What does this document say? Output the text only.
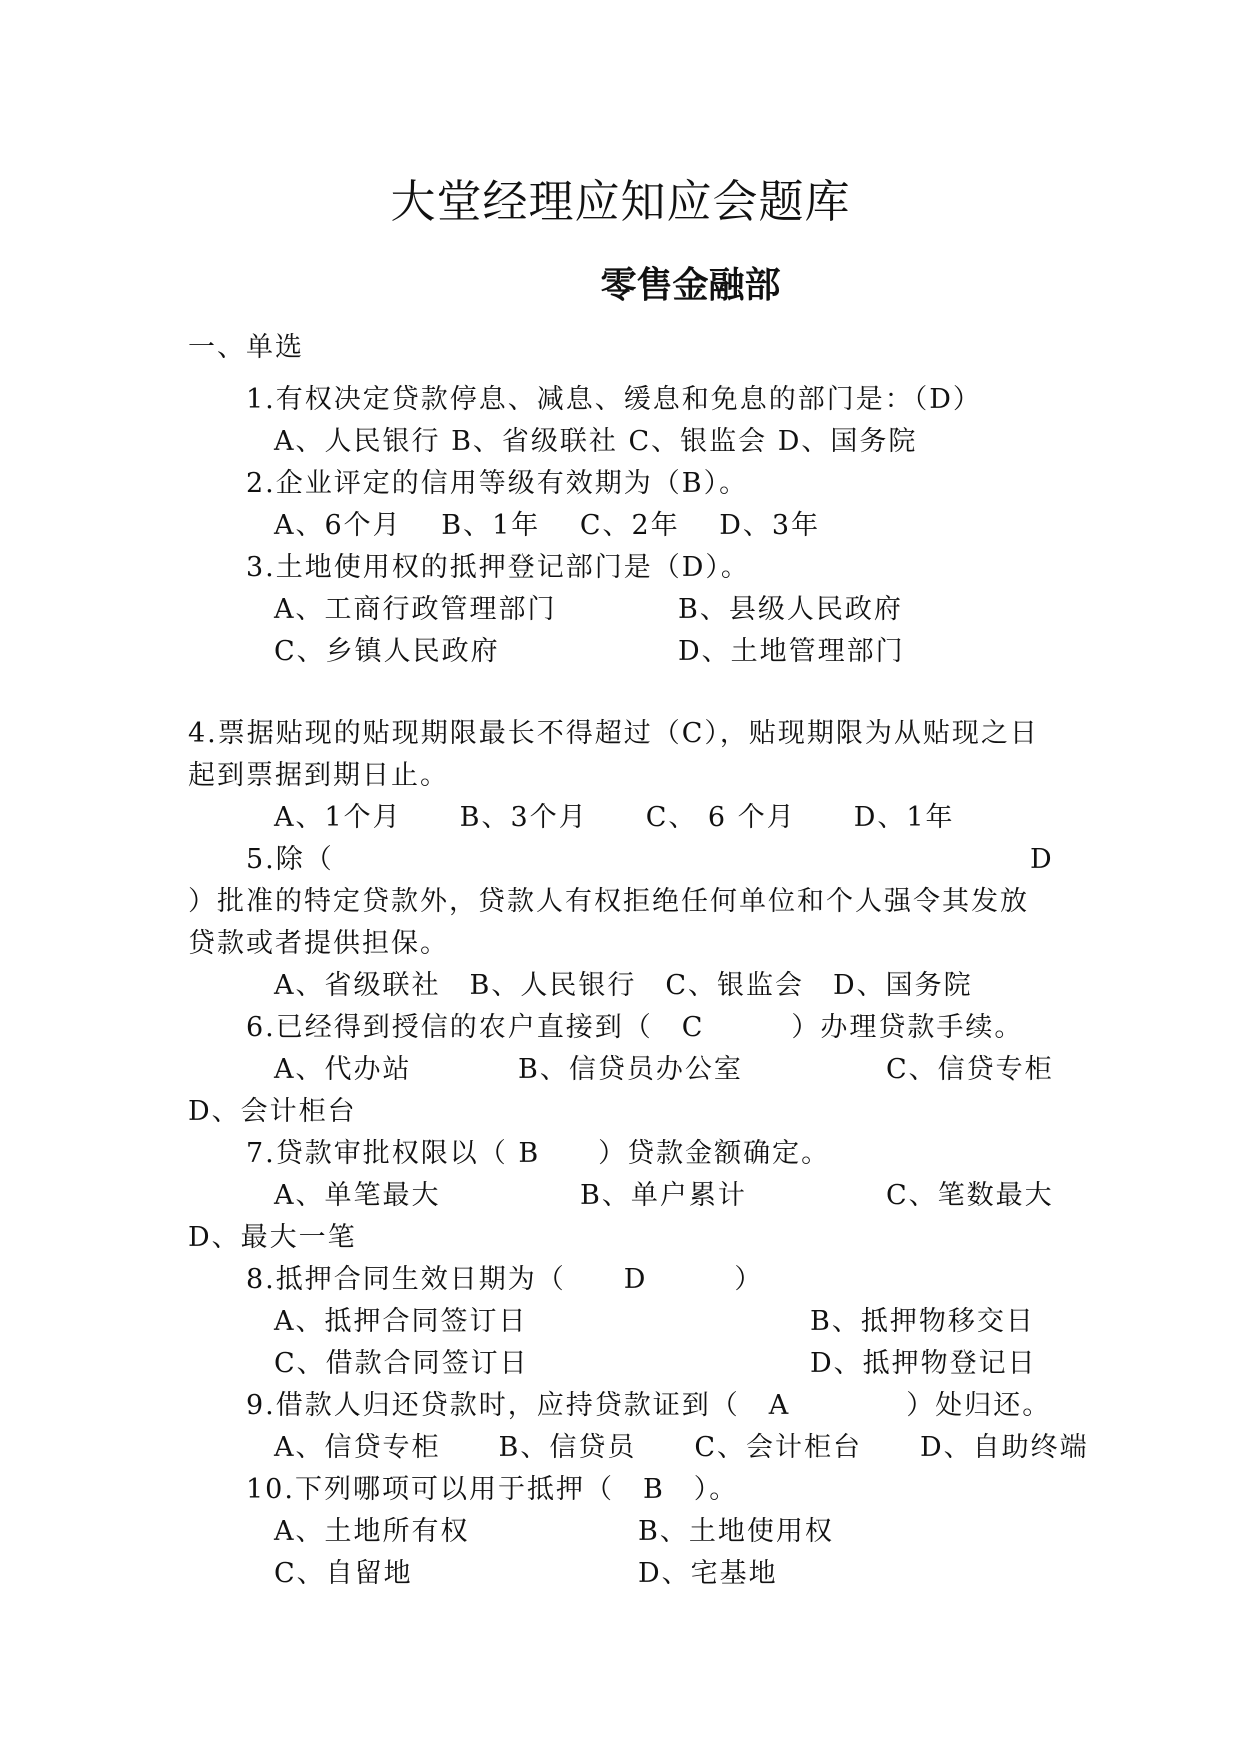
大堂经理应知应会题库
零售金融部
一、单选
1.有权决定贷款停息、减息、缓息和免息的部门是：（D）
A、人民银行 B、省级联社 C、银监会 D、国务院
2.企业评定的信用等级有效期为（B）。
A、6个月　 B、1年　 C、2年　 D、3年
3.土地使用权的抵押登记部门是（D）。
A、工商行政管理部门	B、县级人民政府
C、乡镇人民政府	D、土地管理部门
4.票据贴现的贴现期限最长不得超过（C），贴现期限为从贴现之日
起到票据到期日止。
A、1个月　　B、3个月　　C、 6 个月　　D、1年
5.除（	D
）批准的特定贷款外，贷款人有权拒绝任何单位和个人强令其发放
贷款或者提供担保。
A、省级联社　B、人民银行　C、银监会　D、国务院
6.已经得到授信的农户直接到（　C　　　）办理贷款手续。
A、代办站	B、信贷员办公室	C、信贷专柜
D、会计柜台
7.贷款审批权限以（ B　　）贷款金额确定。
A、单笔最大	B、单户累计	C、笔数最大
D、最大一笔
8.抵押合同生效日期为（　　D　　　）
A、抵押合同签订日	B、抵押物移交日
C、借款合同签订日	D、抵押物登记日
9.借款人归还贷款时，应持贷款证到（　A　　　　）处归还。
A、信贷专柜　　B、信贷员　　C、会计柜台　　D、自助终端
10.下列哪项可以用于抵押（　B　）。
A、土地所有权	B、土地使用权
C、自留地	D、宅基地
